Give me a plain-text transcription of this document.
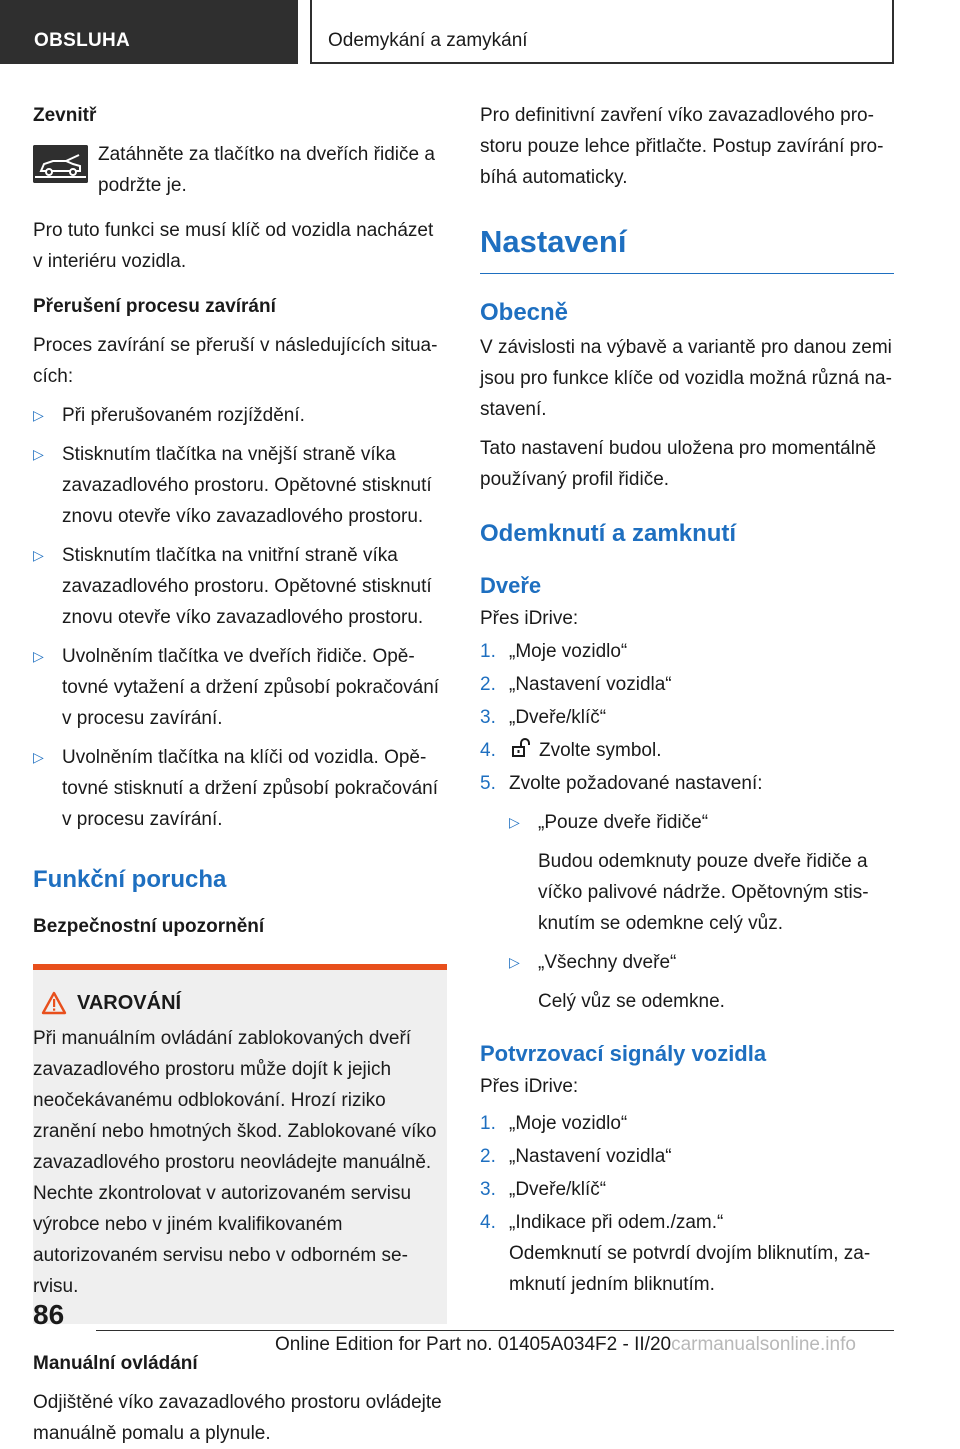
OBSLUHA	Odemykání a zamykání

Zevnitř

Zatáhněte za tlačítko na dveřích řidiče a podržte je.

Pro tuto funkci se musí klíč od vozidla nacházet v interiéru vozidla.

Přerušení procesu zavírání

Proces zavírání se přeruší v následujících situacích:

▷ Při přerušovaném rozjíždění.
▷ Stisknutím tlačítka na vnější straně víka zavazadlového prostoru. Opětovné stisknutí znovu otevře víko zavazadlového prostoru.
▷ Stisknutím tlačítka na vnitřní straně víka zavazadlového prostoru. Opětovné stisknutí znovu otevře víko zavazadlového prostoru.
▷ Uvolněním tlačítka ve dveřích řidiče. Opětovné vytažení a držení způsobí pokračování v procesu zavírání.
▷ Uvolněním tlačítka na klíči od vozidla. Opětovné stisknutí a držení způsobí pokračování v procesu zavírání.

Funkční porucha

Bezpečnostní upozornění

VAROVÁNÍ

Při manuálním ovládání zablokovaných dveří zavazadlového prostoru může dojít k jejich neočekávanému odblokování. Hrozí riziko zranění nebo hmotných škod. Zablokované víko zavazadlového prostoru neovládejte manuálně. Nechte zkontrolovat v autorizovaném servisu výrobce nebo v jiném kvalifikovaném autorizovaném servisu nebo v odborném servisu.

Manuální ovládání

Odjištěné víko zavazadlového prostoru ovládejte manuálně pomalu a plynule.

Pro definitivní zavření víko zavazadlového prostoru pouze lehce přitlačte. Postup zavírání probíhá automaticky.

Nastavení

Obecně

V závislosti na výbavě a variantě pro danou zemi jsou pro funkce klíče od vozidla možná různá nastavení.

Tato nastavení budou uložena pro momentálně používaný profil řidiče.

Odemknutí a zamknutí

Dveře

Přes iDrive:

1. „Moje vozidlo“
2. „Nastavení vozidla“
3. „Dveře/klíč“
4. Zvolte symbol.
5. Zvolte požadované nastavení:
▷ „Pouze dveře řidiče“

Budou odemknuty pouze dveře řidiče a víčko palivové nádrže. Opětovným stisknutím se odemkne celý vůz.

▷ „Všechny dveře“

Celý vůz se odemkne.

Potvrzovací signály vozidla

Přes iDrive:

1. „Moje vozidlo“
2. „Nastavení vozidla“
3. „Dveře/klíč“
4. „Indikace při odem./zam.“

Odemknutí se potvrdí dvojím bliknutím, zamknutí jedním bliknutím.

86
Online Edition for Part no. 01405A034F2 - II/20carmanualsonline.info
